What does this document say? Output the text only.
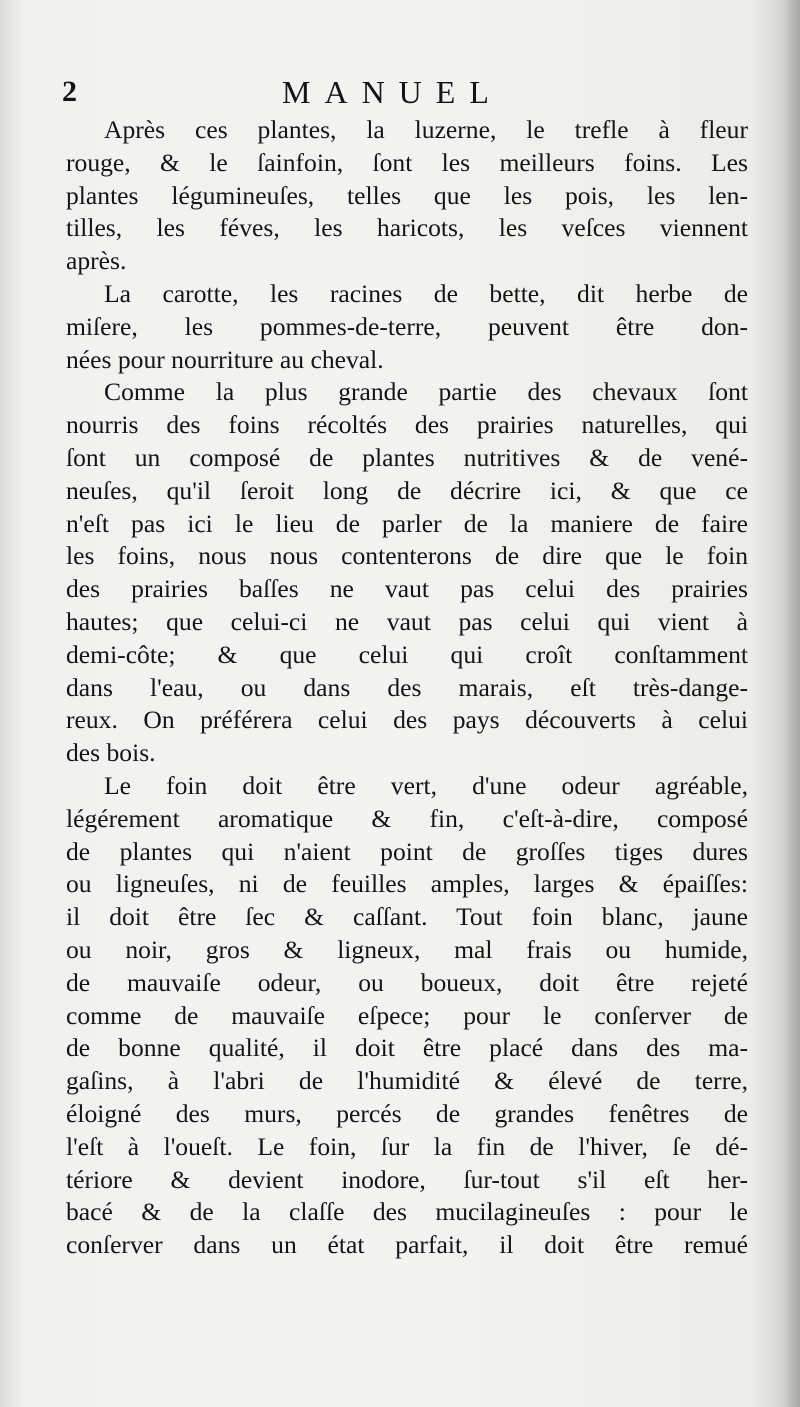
2	MANUEL

Après ces plantes, la luzerne, le trefle à fleur
rouge, & le ſainfoin, ſont les meilleurs foins. Les
plantes légumineuſes, telles que les pois, les len-
tilles, les féves, les haricots, les veſces viennent
après.

La carotte, les racines de bette, dit herbe de
miſere, les pommes-de-terre, peuvent être don-
nées pour nourriture au cheval.

Comme la plus grande partie des chevaux ſont
nourris des foins récoltés des prairies naturelles, qui
ſont un composé de plantes nutritives & de vené-
neuſes, qu'il ſeroit long de décrire ici, & que ce
n'eſt pas ici le lieu de parler de la maniere de faire
les foins, nous nous contenterons de dire que le foin
des prairies baſſes ne vaut pas celui des prairies
hautes; que celui-ci ne vaut pas celui qui vient à
demi-côte; & que celui qui croît conſtamment
dans l'eau, ou dans des marais, eſt très-dange-
reux. On préférera celui des pays découverts à celui
des bois.

Le foin doit être vert, d'une odeur agréable,
légérement aromatique & fin, c'eſt-à-dire, composé
de plantes qui n'aient point de groſſes tiges dures
ou ligneuſes, ni de feuilles amples, larges & épaiſſes:
il doit être ſec & caſſant. Tout foin blanc, jaune
ou noir, gros & ligneux, mal frais ou humide,
de mauvaiſe odeur, ou boueux, doit être rejeté
comme de mauvaiſe eſpece; pour le conſerver de
de bonne qualité, il doit être placé dans des ma-
gaſins, à l'abri de l'humidité & élevé de terre,
éloigné des murs, percés de grandes fenêtres de
l'eſt à l'oueſt. Le foin, ſur la fin de l'hiver, ſe dé-
tériore & devient inodore, ſur-tout s'il eſt her-
bacé & de la claſſe des mucilagineuſes : pour le
conſerver dans un état parfait, il doit être remué
